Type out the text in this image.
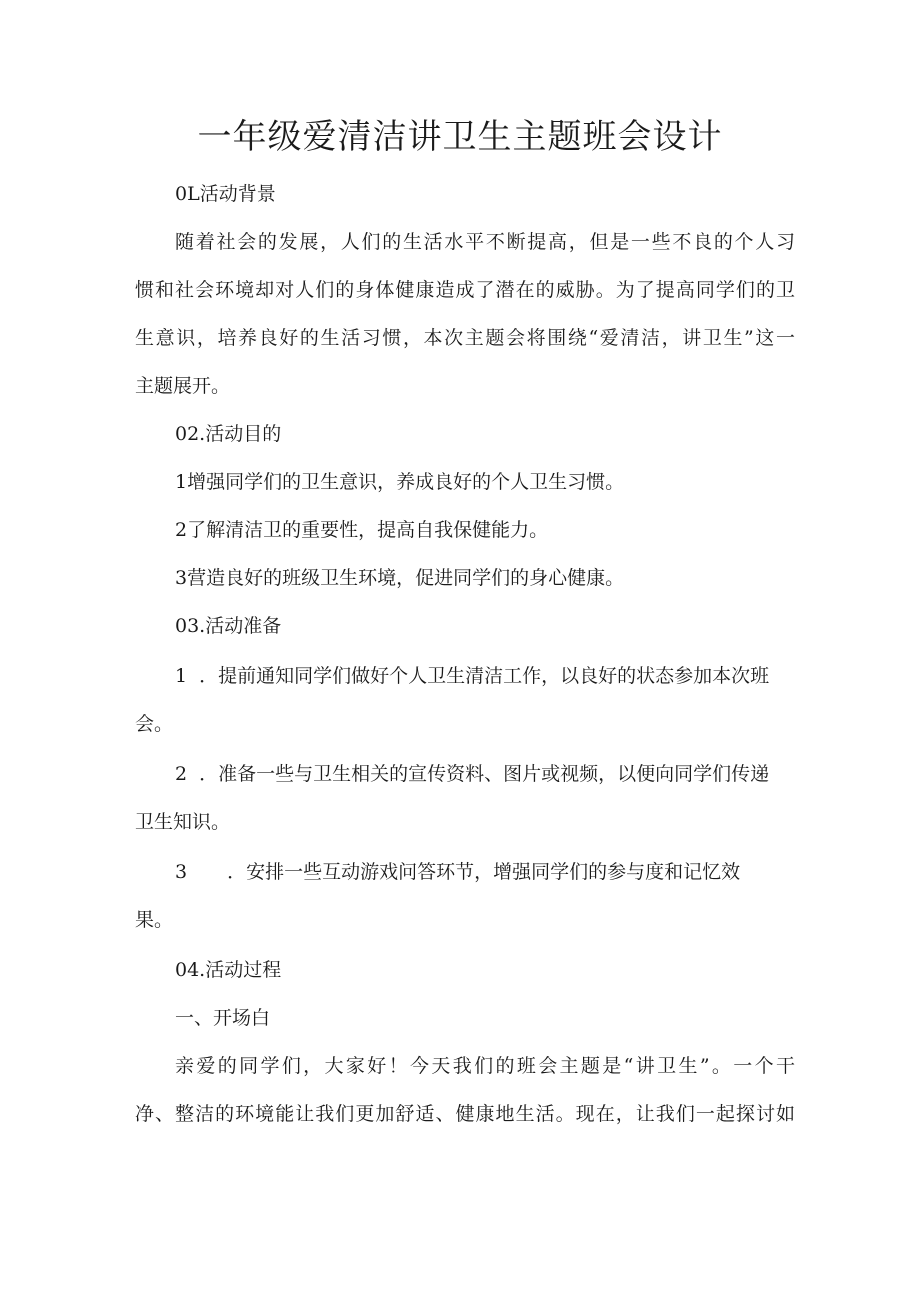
一年级爱清洁讲卫生主题班会设计

0L活动背景

随着社会的发展，人们的生活水平不断提高，但是一些不良的个人习

惯和社会环境却对人们的身体健康造成了潜在的威胁。为了提高同学们的卫

生意识，培养良好的生活习惯，本次主题会将围绕“爱清洁，讲卫生”这一

主题展开。

02.活动目的

1增强同学们的卫生意识，养成良好的个人卫生习惯。

2了解清洁卫的重要性，提高自我保健能力。

3营造良好的班级卫生环境，促进同学们的身心健康。

03.活动准备

1 ．提前通知同学们做好个人卫生清洁工作，以良好的状态参加本次班

会。

2 ．准备一些与卫生相关的宣传资料、图片或视频，以便向同学们传递

卫生知识。

3 ．安排一些互动游戏问答环节，增强同学们的参与度和记忆效

果。

04.活动过程

一、开场白

亲爱的同学们，大家好！今天我们的班会主题是“讲卫生”。一个干

净、整洁的环境能让我们更加舒适、健康地生活。现在，让我们一起探讨如
